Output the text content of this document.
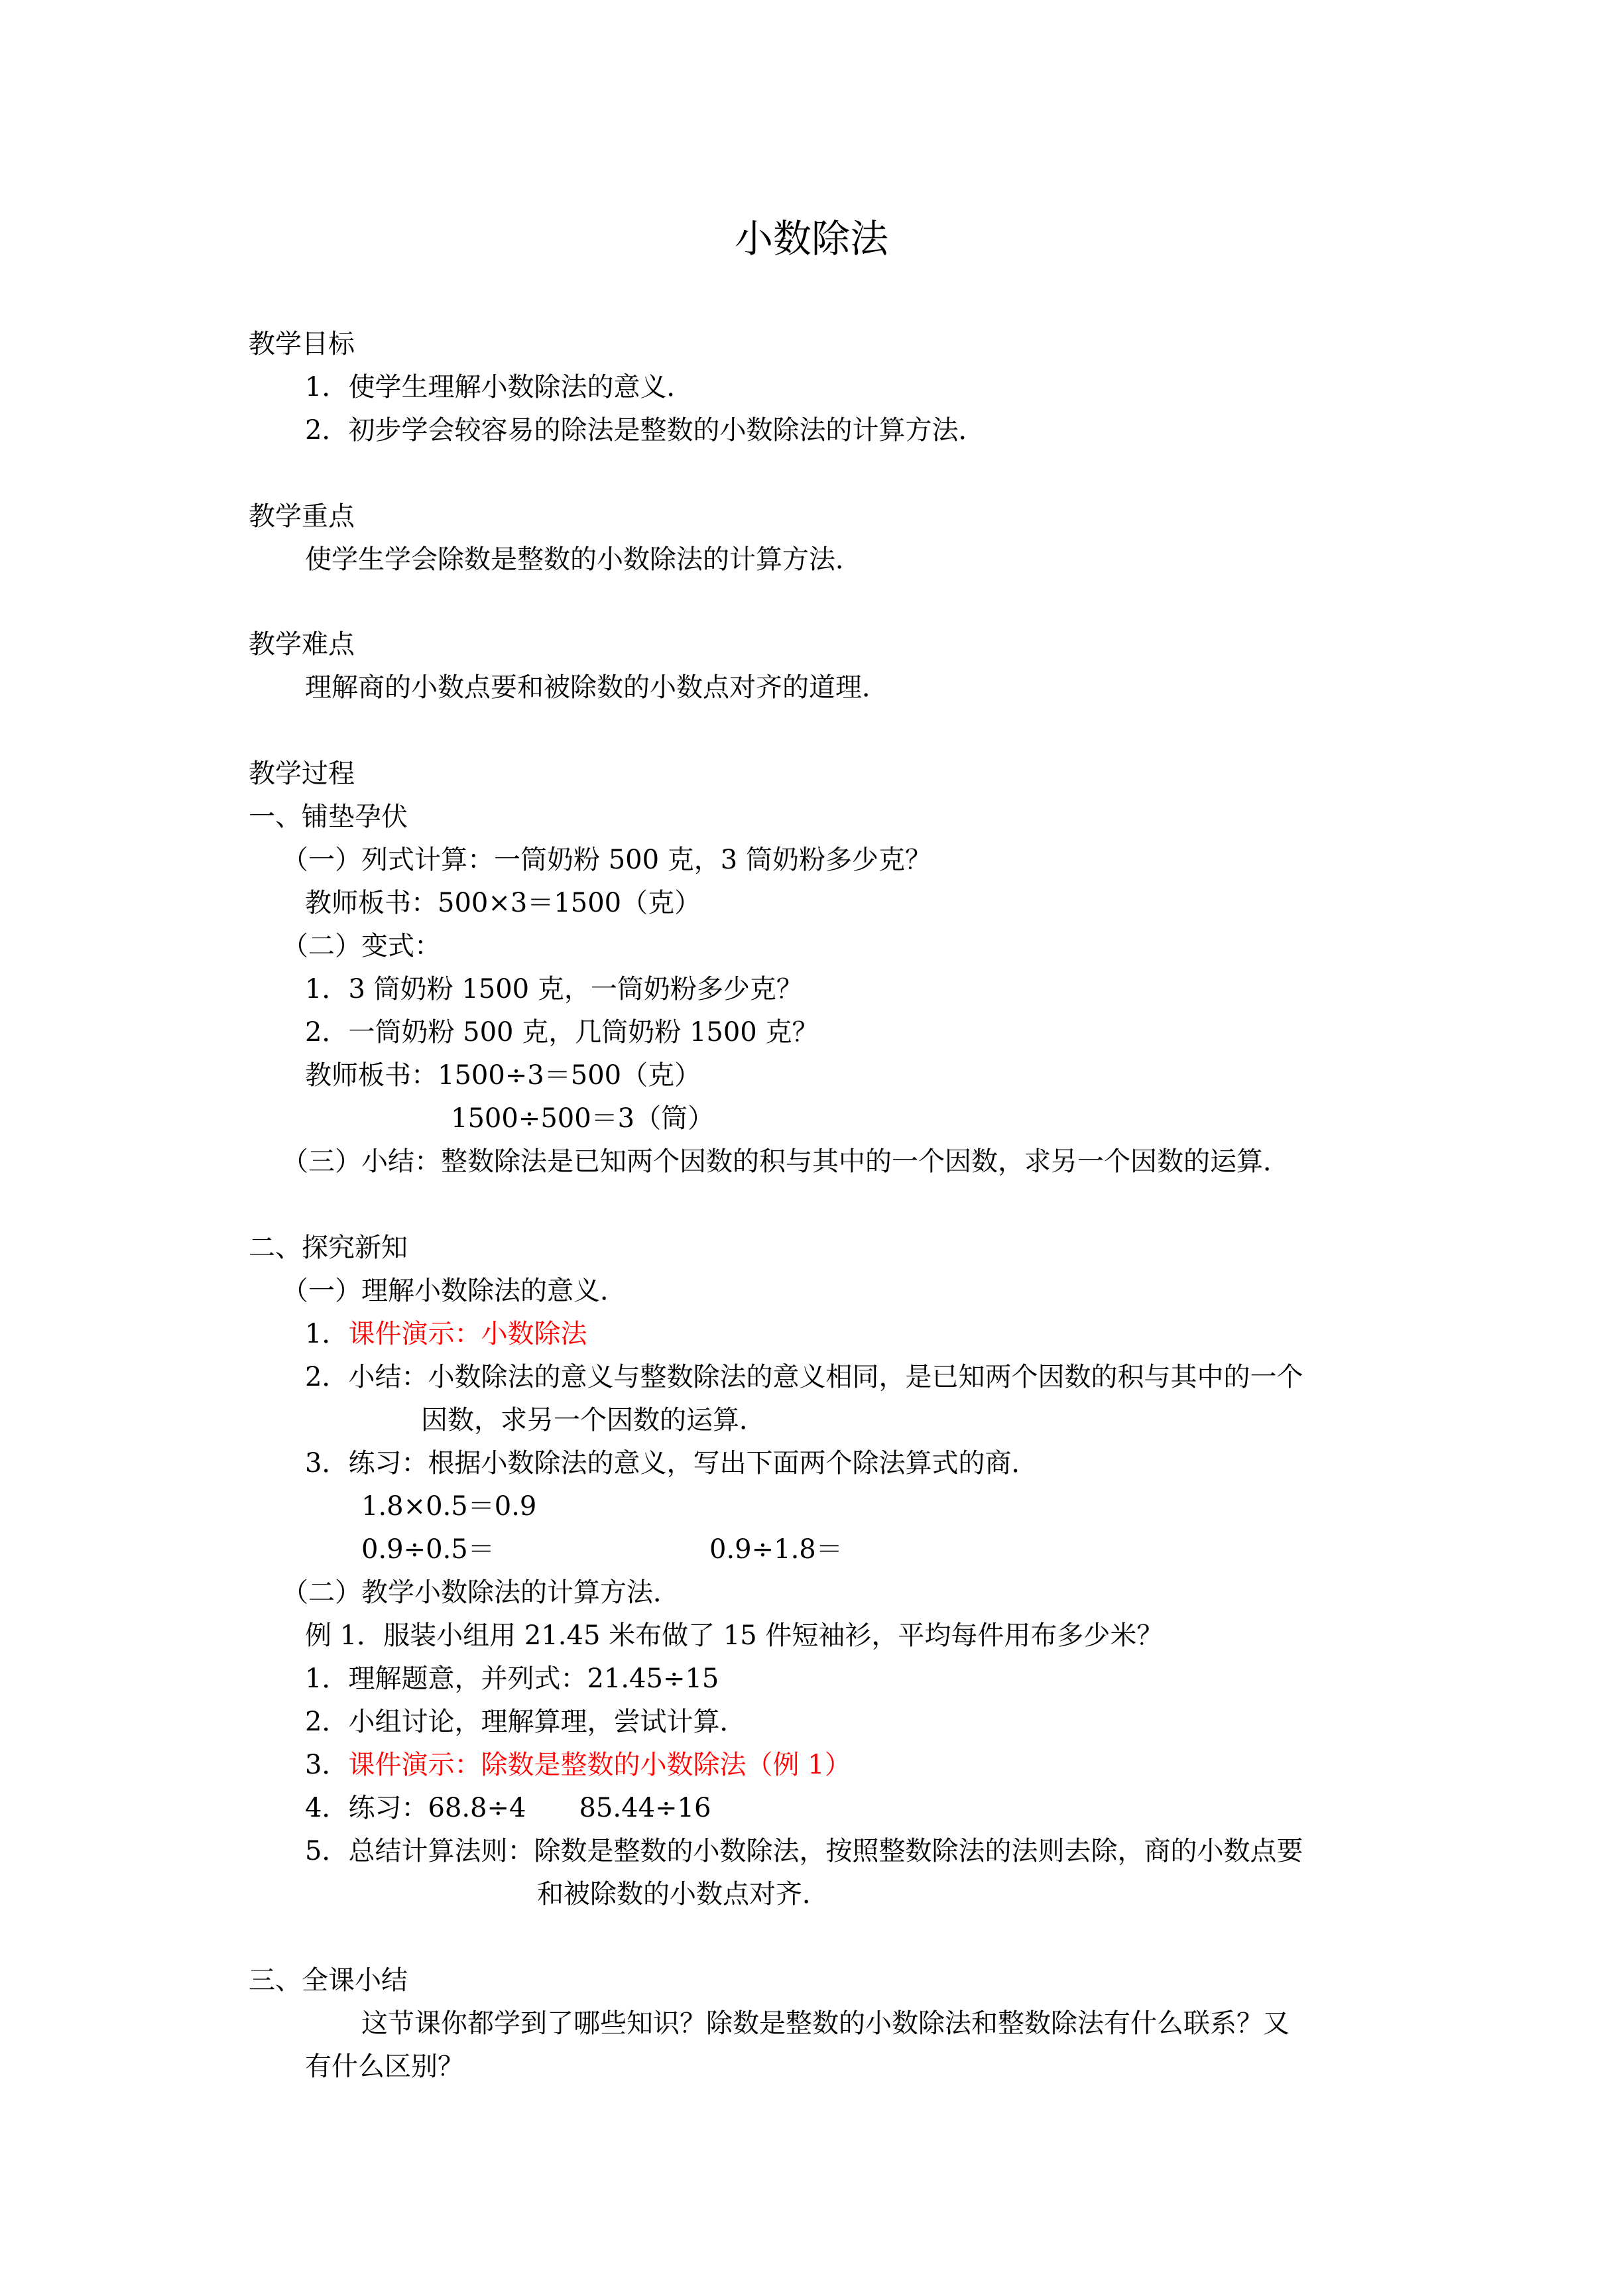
小数除法
教学目标
1．使学生理解小数除法的意义．
2．初步学会较容易的除法是整数的小数除法的计算方法．
教学重点
使学生学会除数是整数的小数除法的计算方法．
教学难点
理解商的小数点要和被除数的小数点对齐的道理．
教学过程
一、铺垫孕伏
（一）列式计算：一筒奶粉 500 克，3 筒奶粉多少克？
教师板书：500×3＝1500（克）
（二）变式：
1．3 筒奶粉 1500 克，一筒奶粉多少克？
2．一筒奶粉 500 克，几筒奶粉 1500 克？
教师板书：1500÷3＝500（克）
1500÷500＝3（筒）
（三）小结：整数除法是已知两个因数的积与其中的一个因数，求另一个因数的运算．
二、探究新知
（一）理解小数除法的意义．
1．课件演示：小数除法
2．小结：小数除法的意义与整数除法的意义相同，是已知两个因数的积与其中的一个
因数，求另一个因数的运算．
3．练习：根据小数除法的意义，写出下面两个除法算式的商．
1.8×0.5＝0.9
0.9÷0.5＝	0.9÷1.8＝
（二）教学小数除法的计算方法．
例 1．服装小组用 21.45 米布做了 15 件短袖衫，平均每件用布多少米？
1．理解题意，并列式：21.45÷15
2．小组讨论，理解算理，尝试计算．
3．课件演示：除数是整数的小数除法（例 1）
4．练习：68.8÷4　　85.44÷16
5．总结计算法则：除数是整数的小数除法，按照整数除法的法则去除，商的小数点要
和被除数的小数点对齐．
三、全课小结
这节课你都学到了哪些知识？除数是整数的小数除法和整数除法有什么联系？又
有什么区别？
